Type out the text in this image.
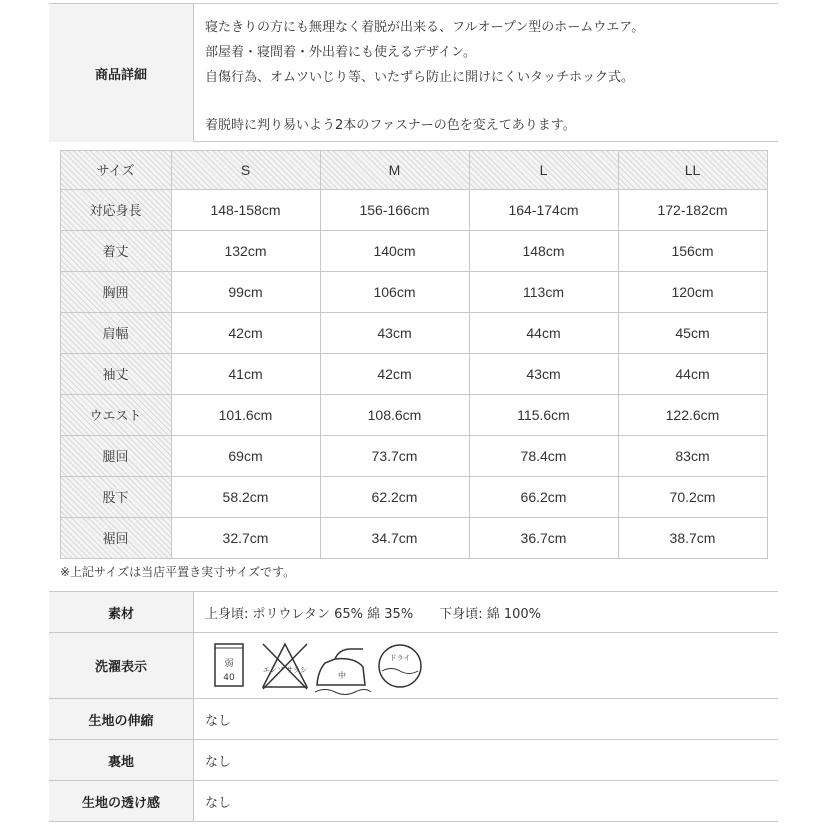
商品詳細
寝たきりの方にも無理なく着脱が出来る、フルオープン型のホームウエア。
部屋着・寝間着・外出着にも使えるデザイン。
自傷行為、オムツいじり等、いたずら防止に開けにくいタッチホック式。
着脱時に判り易いよう2本のファスナーの色を変えてあります。
サイズ	S	M	L	LL
対応身長	148-158cm	156-166cm	164-174cm	172-182cm
着丈	132cm	140cm	148cm	156cm
胸囲	99cm	106cm	113cm	120cm
肩幅	42cm	43cm	44cm	45cm
袖丈	41cm	42cm	43cm	44cm
ウエスト	101.6cm	108.6cm	115.6cm	122.6cm
腿回	69cm	73.7cm	78.4cm	83cm
股下	58.2cm	62.2cm	66.2cm	70.2cm
裾回	32.7cm	34.7cm	36.7cm	38.7cm
※上記サイズは当店平置き実寸サイズです。
素材	上身頃: ポリウレタン 65% 綿 35% 下身頃: 綿 100%
洗濯表示	弱
40
エンソ サラシ
中
ドライ
生地の伸縮	なし
裏地	なし
生地の透け感	なし
